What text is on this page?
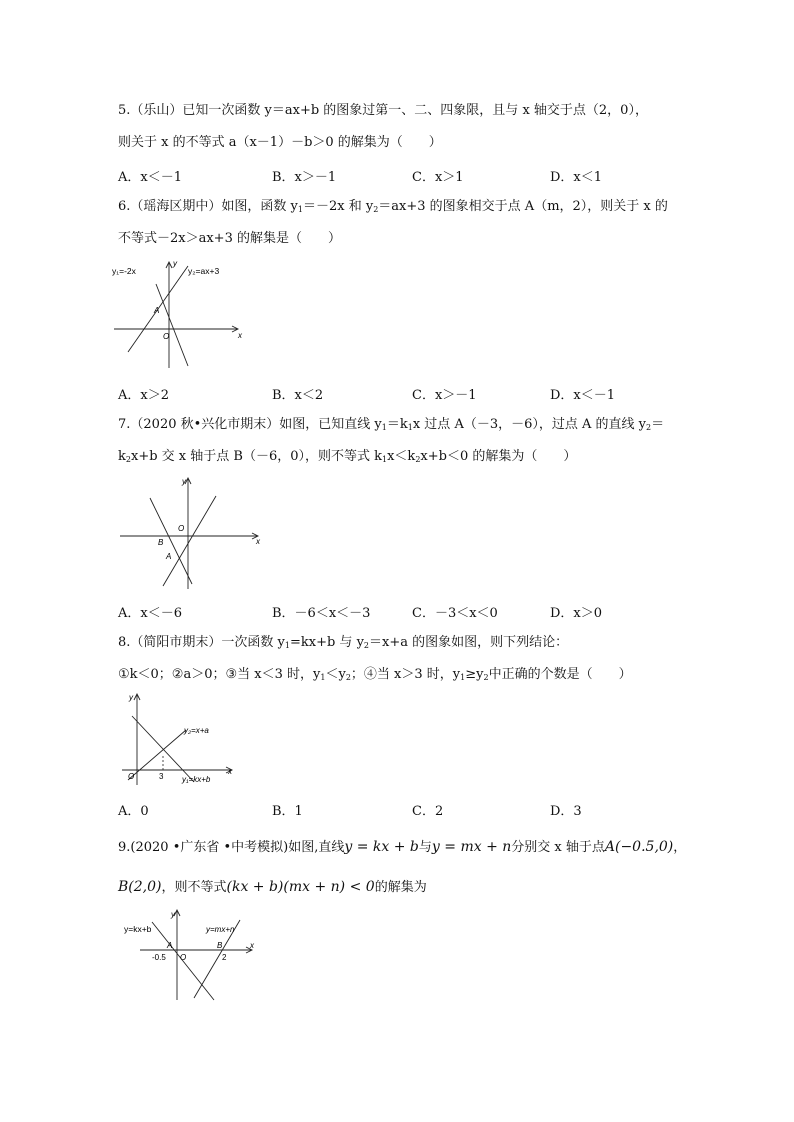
5.（乐山）已知一次函数 y＝ax+b 的图象过第一、二、四象限，且与 x 轴交于点（2，0），
则关于 x 的不等式 a（x－1）－b＞0 的解集为（　　）
A．x＜－1	B．x＞－1	C．x＞1	D．x＜1
6.（瑶海区期中）如图，函数 $y_1=-2x$ 和 $y_2=ax+3$ 的图象相交于点 A（m，2），则关于 x 的
不等式－2x＞ax+3 的解集是（　　）
y₁=-2x	y₂=ax+3
y
x
O
A
A．x＞2	B．x＜2	C．x＞－1	D．x＜－1
7.（2020 秋•兴化市期末）如图，已知直线 $y_1=k_1x$ 过点 A（－3，－6），过点 A 的直线 $y_2=$
$k_2x+b$ 交 x 轴于点 B（－6，0），则不等式 $k_1x<k_2x+b<0$ 的解集为（　　）
y
x
O
B
A
A．x＜－6	B．－6＜x＜－3	C．－3＜x＜0	D．x＞0
8.（简阳市期末）一次函数 $y_1=kx+b$ 与 $y_2=x+a$ 的图象如图，则下列结论：
①k＜0；②a＞0；③当 x＜3 时，$y_1<y_2$；④当 x＞3 时，$y_1\ge y_2$中正确的个数是（　　）
y
x
O	3
y₂=x+a
y₁=kx+b
A．0	B．1	C．2	D．3
9.(2020 •广东省 •中考模拟)如图,直线y = kx + b与y = mx + n分别交 x 轴于点A(−0.5,0)，
B(2,0)，则不等式(kx + b)(mx + n) < 0的解集为
y=kx+b	y=mx+n
y
x
A	B
-0.5	2
O
